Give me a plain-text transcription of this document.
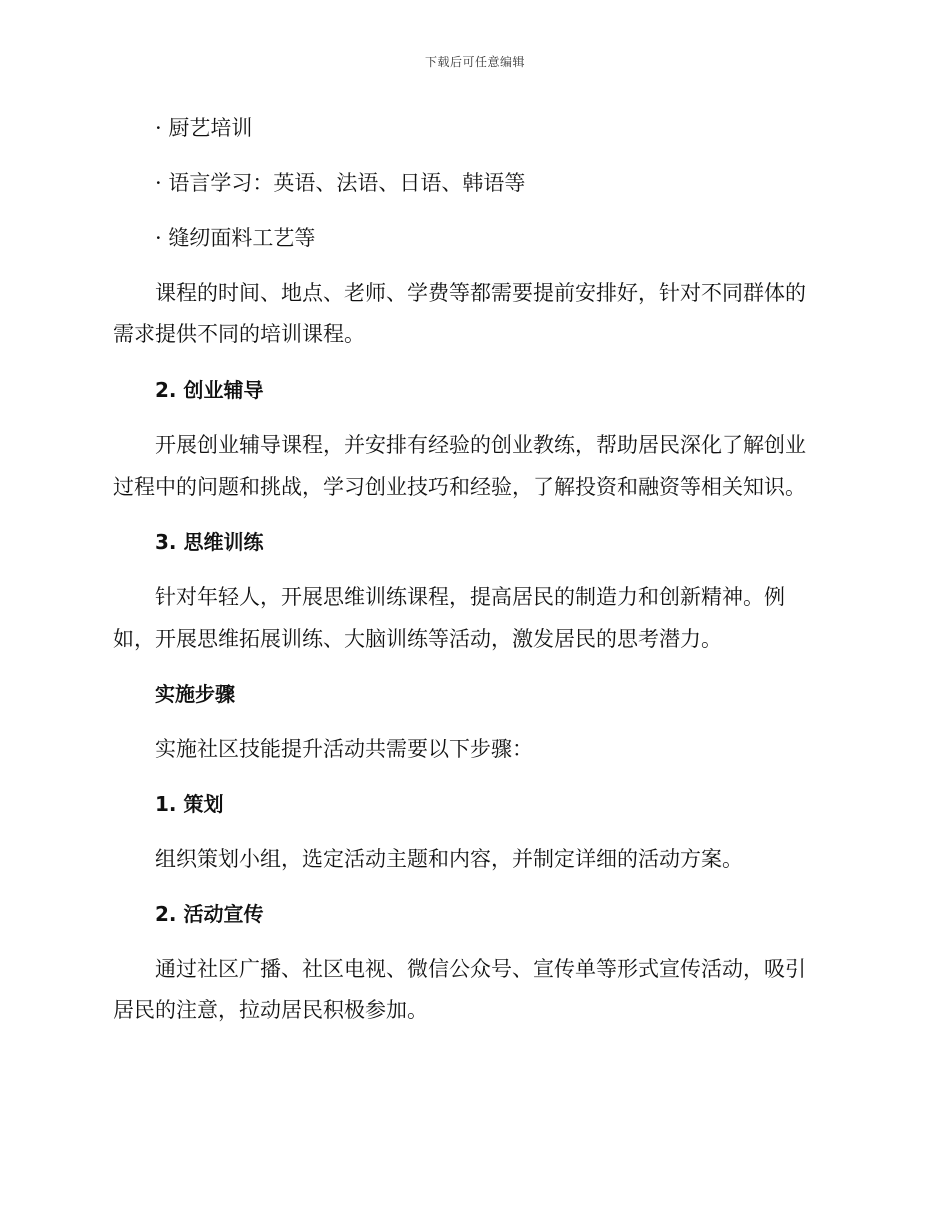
下载后可任意编辑
· 厨艺培训
· 语言学习：英语、法语、日语、韩语等
· 缝纫面料工艺等
课程的时间、地点、老师、学费等都需要提前安排好，针对不同群体的
需求提供不同的培训课程。
2. 创业辅导
开展创业辅导课程，并安排有经验的创业教练，帮助居民深化了解创业
过程中的问题和挑战，学习创业技巧和经验，了解投资和融资等相关知识。
3. 思维训练
针对年轻人，开展思维训练课程，提高居民的制造力和创新精神。例
如，开展思维拓展训练、大脑训练等活动，激发居民的思考潜力。
实施步骤
实施社区技能提升活动共需要以下步骤：
1. 策划
组织策划小组，选定活动主题和内容，并制定详细的活动方案。
2. 活动宣传
通过社区广播、社区电视、微信公众号、宣传单等形式宣传活动，吸引
居民的注意，拉动居民积极参加。
